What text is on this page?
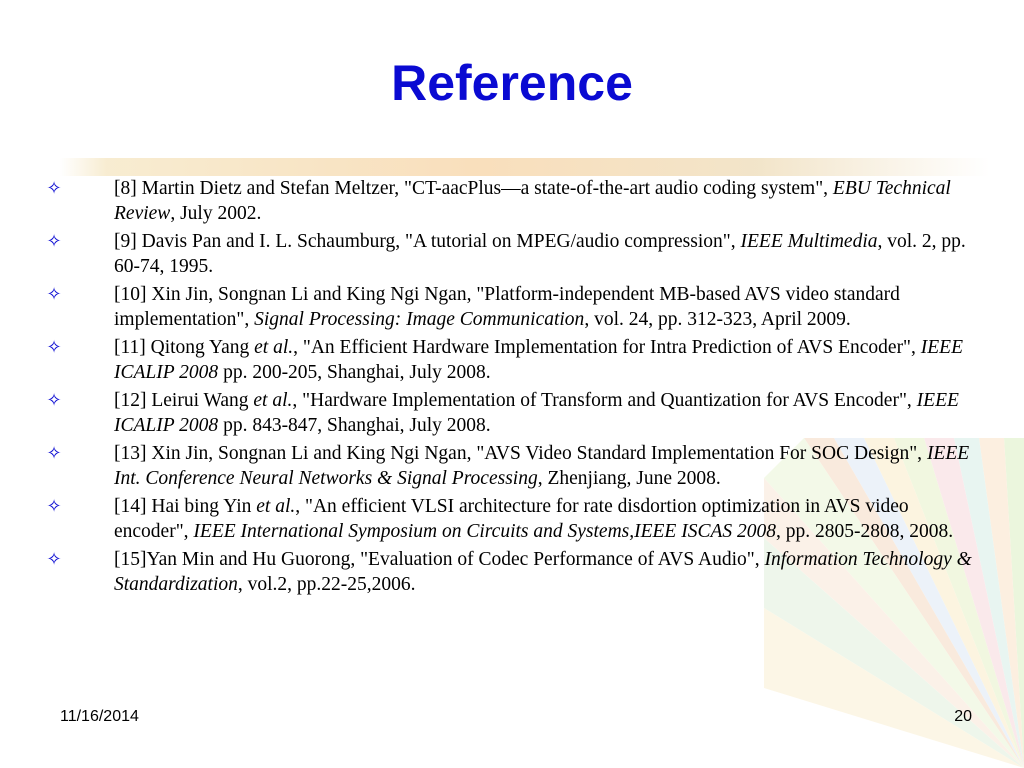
Reference
✧	[8] Martin Dietz and Stefan Meltzer, "CT-aacPlus—a state-of-the-art audio coding system", EBU Technical Review, July 2002.
✧	[9] Davis Pan and I. L. Schaumburg, "A tutorial on MPEG/audio compression", IEEE Multimedia, vol. 2, pp. 60-74, 1995.
✧	[10] Xin Jin, Songnan Li and King Ngi Ngan, "Platform-independent MB-based AVS video standard implementation", Signal Processing: Image Communication, vol. 24, pp. 312-323, April 2009.
✧	[11] Qitong Yang et al., "An Efficient Hardware Implementation for Intra Prediction of AVS Encoder", IEEE ICALIP 2008 pp. 200-205, Shanghai, July 2008.
✧	[12] Leirui Wang et al., "Hardware Implementation of Transform and Quantization for AVS Encoder", IEEE ICALIP 2008 pp. 843-847, Shanghai, July 2008.
✧	[13] Xin Jin, Songnan Li and King Ngi Ngan, "AVS Video Standard Implementation For SOC Design", IEEE Int. Conference Neural Networks & Signal Processing, Zhenjiang, June 2008.
✧	[14] Hai bing Yin et al., "An efficient VLSI architecture for rate disdortion optimization in AVS video encoder", IEEE International Symposium on Circuits and Systems,IEEE ISCAS 2008, pp. 2805-2808, 2008.
✧	[15]Yan Min and Hu Guorong, "Evaluation of Codec Performance of AVS Audio", Information Technology & Standardization, vol.2, pp.22-25,2006.
11/16/2014	20
